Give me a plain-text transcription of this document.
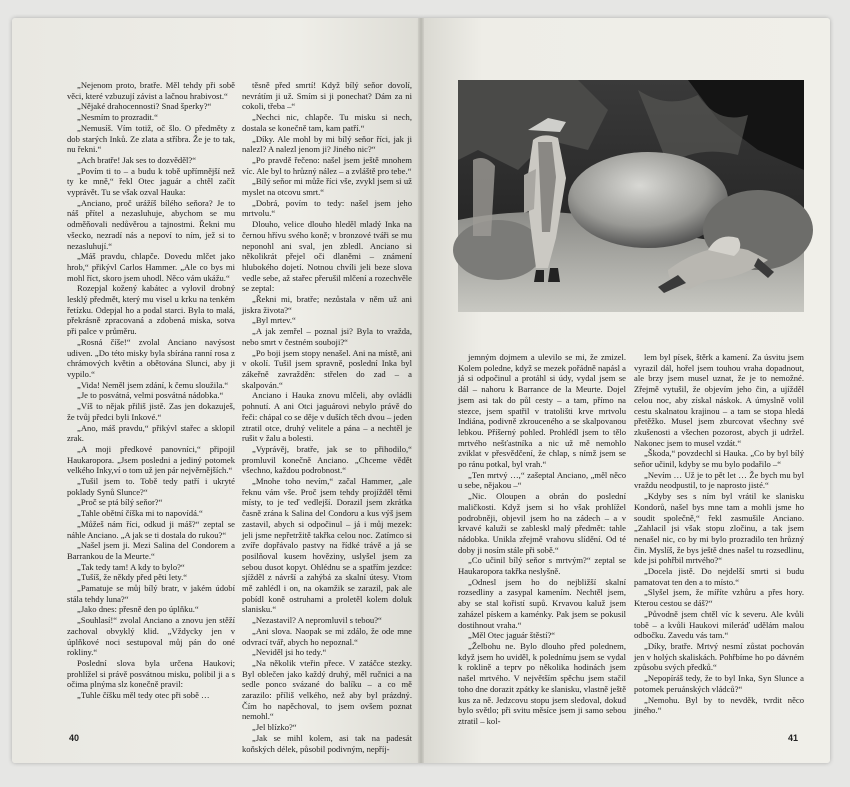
„Nejenom proto, bratře. Měl tehdy při sobě věci, které vzbuzují závist a lačnou hrabivost.“

„Nějaké drahocennosti? Snad šperky?“

„Nesmím to prozradit.“

„Nemusíš. Vím totiž, oč šlo. O předměty z dob starých Inků. Ze zlata a stříbra. Že je to tak, nu řekni.“

„Ach bratře! Jak ses to dozvěděl?“

„Povím ti to – a budu k tobě upřímnější než ty ke mně,“ řekl Otec jaguár a chtěl začít vyprávět. Tu se však ozval Hauka:

„Anciano, proč urážíš bílého seňora? Je to náš přítel a nezasluhuje, abychom se mu odměňovali nedůvěrou a tajnostmi. Řekni mu všecko, nezradí nás a nepoví to ním, jež si to nezasluhují.“

„Máš pravdu, chlapče. Dovedu mlčet jako hrob,“ přikývl Carlos Hammer. „Ale co bys mi mohl říct, skoro jsem uhodl. Něco vám ukážu.“

Rozepjal kožený kabátec a vylovil drobný lesklý předmět, který mu visel u krku na tenkém řetízku. Odepjal ho a podal starci. Byla to malá, překrásně zpracovaná a zdobená miska, sotva při palce v průměru.

„Rosná číše!“ zvolal Anciano navýsost udiven. „Do této misky byla sbírána ranní rosa z chrámových květin a obětována Slunci, aby ji vypilo.“

„Vida! Neměl jsem zdání, k čemu sloužila.“

„Je to posvátná, velmi posvátná nádobka.“

„Víš to nějak přiliš jistě. Zas jen dokazuješ, že tvůj předci byli Inkové.“

„Ano, máš pravdu,“ přikývl stařec a sklopil zrak.

„A moji předkové panovníci,“ připojil Haukaropora. „Jsem posledni a jediný potomek velkého Inky,ví o tom už jen pár nejvěrnějších.“

„Tušil jsem to. Tobě tedy patří i ukryté poklady Synů Slunce?“

„Proč se ptá bílý seňor?“

„Tahle obětní číška mi to napovídá.“

„Můžeš nám říci, odkud ji máš?“ zeptal se náhle Anciano. „A jak se ti dostala do rukou?“

„Našel jsem ji. Mezi Salina del Condorem a Barrankou de la Meurte.“

„Tak tedy tam! A kdy to bylo?“

„Tušíš, že někdy před pěti lety.“

„Pamatuje se můj bílý bratr, v jakém údobí stála tehdy luna?“

„Jako dnes: přesně den po úplňku.“

„Souhlasí!“ zvolal Anciano a znovu jen stěží zachoval obvyklý klid. „Vždycky jen v úplňkové noci sestupoval můj pán do oné rokliny.“

Poslední slova byla určena Haukovi; prohlížel si právě posvátnou misku, polibil ji a s očima plnýma slz konečně pravil:

„Tuhle číšku měl tedy otec při sobě …

těsně před smrtí! Když bílý seňor dovolí, nevrátím ji už. Smím si ji ponechat? Dám za ni cokoli, třeba –“

„Nechci nic, chlapče. Tu misku si nech, dostala se konečně tam, kam patří.“

„Díky. Ale mohl by mi bílý seňor říci, jak ji nalezl? A nalezl jenom ji? Jiného nic?“

„Po pravdě řečeno: našel jsem ještě mnohem víc. Ale byl to hrůzný nález – a zvláště pro tebe.“

„Bílý seňor mi může říci vše, zvykl jsem si už myslet na otcovu smrt.“

„Dobrá, povím to tedy: našel jsem jeho mrtvolu.“

Dlouho, velice dlouho hleděl mladý Inka na černou hřívu svého koně; v bronzové tváři se mu neponohl ani sval, jen zbledl. Anciano si několikrát přejel oči dlaněmi – známení hlubokého dojetí. Notnou chvíli jeli beze slova vedle sebe, až stařec přerušil mlčení a rozechvěle se zeptal:

„Řekni mi, bratře; nezůstala v něm už ani jiskra života?“

„Byl mrtev.“

„A jak zemřel – poznal jsi? Byla to vražda, nebo smrt v čestném souboji?“

„Po boji jsem stopy nenašel. Ani na místě, ani v okolí. Tušil jsem spravně, poslední Inka byl zákeřně zavražděn: střelen do zad – a skalpován.“

Anciano i Hauka znovu mlčeli, aby ovládli pohnutí. A ani Otci jaguárovi nebylo právě do řeči: chápal co se děje v duších těch dvou – jeden ztratil otce, druhý velitele a pána – a nechtěl je rušit v žalu a bolesti.

„Vyprávěj, bratře, jak se to přihodilo,“ promluvil konečně Anciano. „Chceme vědět všechno, každou podrobnost.“

„Mnohe toho nevím,“ začal Hammer, „ale řeknu vám vše. Proč jsem tehdy projížděl těmi místy, to je teď vedlejší. Dorazil jsem zkrátka časně zrána k Salina del Condoru a kus výš jsem zastavil, abych si odpočinul – já i můj mezek: jeli jsme nepřetržitě takřka celou noc. Zatímco si zvíře dopřávalo pastvy na řídké trávě a já se posilňoval kusem hověziny, uslyšel jsem za sebou dusot kopyt. Ohlédnu se a spatřím jezdce: sjížděl z návrší a zahýbá za skalní útesy. Vtom mě zahlédl i on, na okamžik se zarazil, pak ale pobídl koně ostruhami a proletěl kolem doluk slanisku.“

„Nezastavil? A nepromluvil s tebou?“

„Ani slova. Naopak se mi zdálo, že ode mne odvrací tvář, abych ho nepoznal.“

„Neviděl jsi ho tedy.“

„Na několik vteřin přece. V zatáčce stezky. Byl oblečen jako každý druhý, měl ručnici a na sedle ponco svázané do balíku – a co mě zarazilo: příliš velkého, než aby byl prázdný. Čím ho napěchoval, to jsem ovšem poznat nemohl.“

„Jel blízko?“

„Jak se mihl kolem, asi tak na padesát koňských délek, působil podivným, nepříj-

40

jemným dojmem a ulevilo se mi, že zmizel. Kolem poledne, když se mezek pořádně napásl a já si odpočinul a protáhl si údy, vydal jsem se dál – nahoru k Barrance de la Meurte. Dojel jsem asi tak do půl cesty – a tam, přímo na stezce, jsem spatřil v tratolišti krve mrtvolu Indiána, podivně zkrouceného a se skalpovanou lebkou. Příšerný pohled. Prohlédl jsem to tělo mrtvého nešťastníka a nic už mě nemohlo zviklat v přesvědčení, že chlap, s nímž jsem se po ránu potkal, byl vrah.“

„Ten mrtvý …,“ zašeptal Anciano, „měl něco u sebe, nějakou –“

„Nic. Oloupen a obrán do poslední maličkosti. Když jsem si ho však prohlížel podrobněji, objevil jsem ho na zádech – a v krvavé kaluži se zableskl malý předmět: tahle nádobka. Unikla zřejmě vrahovu slídění. Od té doby ji nosím stále při sobě.“

„Co učinil bílý seňor s mrtvým?“ zeptal se Haukaropora takřka neslyšně.

„Odnesl jsem ho do nejbližší skalní rozsedliny a zasypal kamením. Nechtěl jsem, aby se stal kořistí supů. Krvavou kaluž jsem zaházel pískem a kaménky. Pak jsem se pokusil dostihnout vraha.“

„Měl Otec jaguár štěstí?“

„Želbohu ne. Bylo dlouho před polednem, když jsem ho uviděl, k polednímu jsem se vydal k roklině a teprv po několika hodinách jsem našel mrtvého. V největším spěchu jsem stačil toho dne dorazit zpátky ke slanisku, vlastně ještě kus za ně. Jedzcovu stopu jsem sledoval, dokud bylo světlo; při svitu měsíce jsem ji samo sebou ztratil – kol-

lem byl písek, štěrk a kamení. Za úsvitu jsem vyrazil dál, hořel jsem touhou vraha dopadnout, ale brzy jsem musel uznat, že je to nemožné. Zřejmě vytušil, že objevím jeho čin, a ujížděl celou noc, aby získal náskok. A úmyslně volil cestu skalnatou krajinou – a tam se stopa hledá přetěžko. Musel jsem zburcovat všechny své zkušenosti a všechen pozorost, abych ji udržel. Nakonec jsem to musel vzdát.“

„Škoda,“ povzdechl si Hauka. „Co by byl bílý seňor učinil, kdyby se mu bylo podařilo –“

„Nevím … Už je to pět let … Že bych mu byl vraždu neodpustil, to je naprosto jisté.“

„Kdyby ses s ním byl vrátil ke slanisku Kondorů, našel bys mne tam a mohli jsme ho soudit společně,“ řekl zasmušile Anciano. „Zahlacil jsi však stopu zločinu, a tak jsem nenašel nic, co by mi bylo prozradilo ten hrůzný čin. Myslíš, že bys ještě dnes našel tu rozsedlinu, kde jsi pohřbil mrtvého?“

„Docela jistě. Do nejdelší smrti si budu pamatovat ten den a to místo.“

„Slyšel jsem, že míříte vzhůru a přes hory. Kterou cestou se dáš?“

„Původně jsem chtěl víc k severu. Ale kvůli tobě – a kvůli Haukovi mileráď udělám malou odbočku. Zavedu vás tam.“

„Díky, bratře. Mrtvý nesmí zůstat pochován jen v holých skaliskách. Pohřbíme ho po dávném způsobu svých předků.“

„Nepopíráš tedy, že to byl Inka, Syn Slunce a potomek peruánských vládců?“

„Nemohu. Byl by to nevděk, tvrdit něco jiného.“

41
